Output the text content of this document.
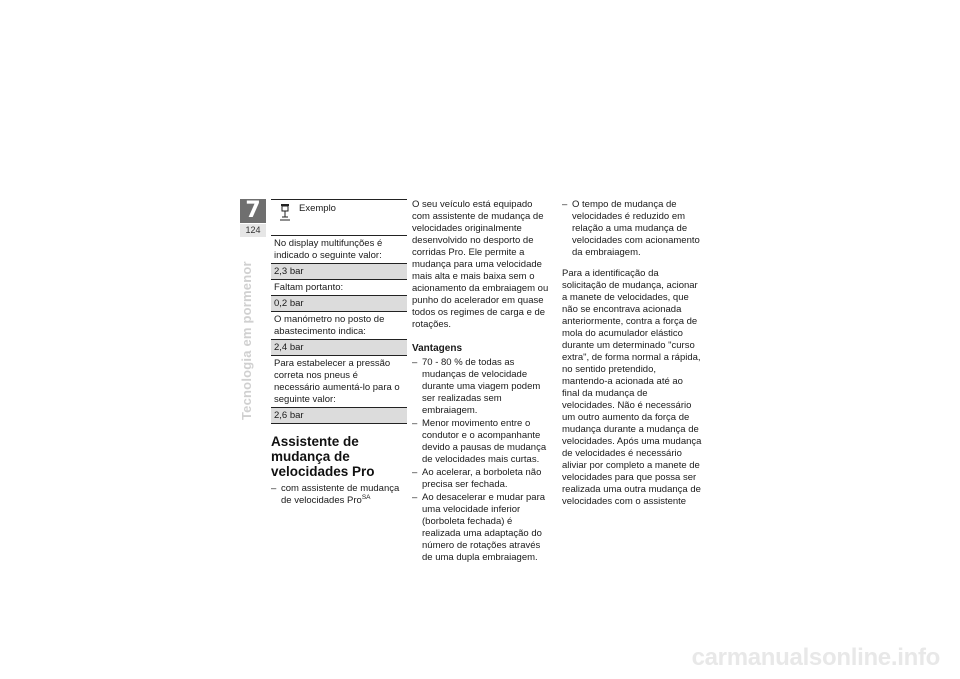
7
124
Tecnologia em pormenor
Exemplo
No display multifunções é indicado o seguinte valor:
2,3 bar
Faltam portanto:
0,2 bar
O manómetro no posto de abastecimento indica:
2,4 bar
Para estabelecer a pressão correta nos pneus é necessário aumentá-lo para o seguinte valor:
2,6 bar
Assistente de mudança de velocidades Pro
– com assistente de mudança de velocidades Pro$^{SA}$

O seu veículo está equipado com assistente de mudança de velocidades originalmente desenvolvido no desporto de corridas Pro. Ele permite a mudança para uma velocidade mais alta e mais baixa sem o acionamento da embraiagem ou punho do acelerador em quase todos os regimes de carga e de rotações.

Vantagens
– 70 - 80 % de todas as mudanças de velocidade durante uma viagem podem ser realizadas sem embraiagem.
– Menor movimento entre o condutor e o acompanhante devido a pausas de mudança de velocidades mais curtas.
– Ao acelerar, a borboleta não precisa ser fechada.
– Ao desacelerar e mudar para uma velocidade inferior (borboleta fechada) é realizada uma adaptação do número de rotações através de uma dupla embraiagem.
– O tempo de mudança de velocidades é reduzido em relação a uma mudança de velocidades com acionamento da embraiagem.

Para a identificação da solicitação de mudança, acionar a manete de velocidades, que não se encontrava acionada anteriormente, contra a força de mola do acumulador elástico durante um determinado "curso extra", de forma normal a rápida, no sentido pretendido, mantendo-a acionada até ao final da mudança de velocidades. Não é necessário um outro aumento da força de mudança durante a mudança de velocidades. Após uma mudança de velocidades é necessário aliviar por completo a manete de velocidades para que possa ser realizada uma outra mudança de velocidades com o assistente

carmanualsonline.info
